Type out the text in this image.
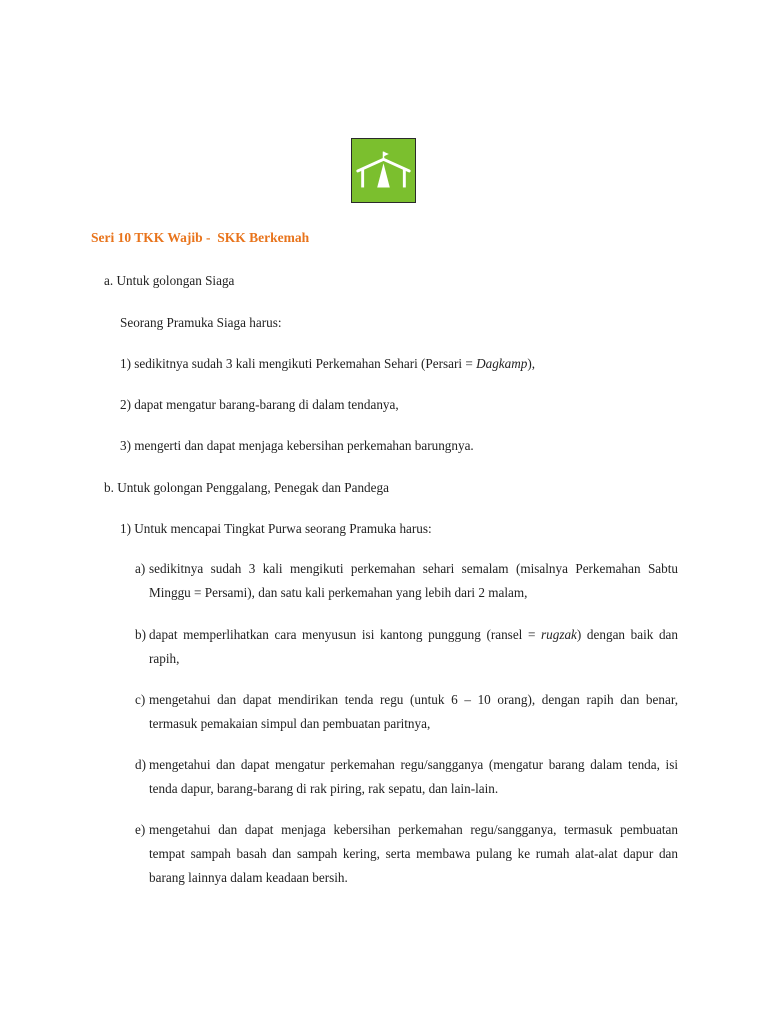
Seri 10 TKK Wajib -  SKK Berkemah
a. Untuk golongan Siaga
Seorang Pramuka Siaga harus:
1) sedikitnya sudah 3 kali mengikuti Perkemahan Sehari (Persari = Dagkamp),
2) dapat mengatur barang-barang di dalam tendanya,
3) mengerti dan dapat menjaga kebersihan perkemahan barungnya.
b. Untuk golongan Penggalang, Penegak dan Pandega
1) Untuk mencapai Tingkat Purwa seorang Pramuka harus:
a) sedikitnya sudah 3 kali mengikuti perkemahan sehari semalam (misalnya Perkemahan Sabtu Minggu = Persami), dan satu kali perkemahan yang lebih dari 2 malam,
b) dapat memperlihatkan cara menyusun isi kantong punggung (ransel = rugzak) dengan baik dan rapih,
c) mengetahui dan dapat mendirikan tenda regu (untuk 6 – 10 orang), dengan rapih dan benar, termasuk pemakaian simpul dan pembuatan paritnya,
d) mengetahui dan dapat mengatur perkemahan regu/sangganya (mengatur barang dalam tenda, isi tenda dapur, barang-barang di rak piring, rak sepatu, dan lain-lain.
e) mengetahui dan dapat menjaga kebersihan perkemahan regu/sangganya, termasuk pembuatan tempat sampah basah dan sampah kering, serta membawa pulang ke rumah alat-alat dapur dan barang lainnya dalam keadaan bersih.
